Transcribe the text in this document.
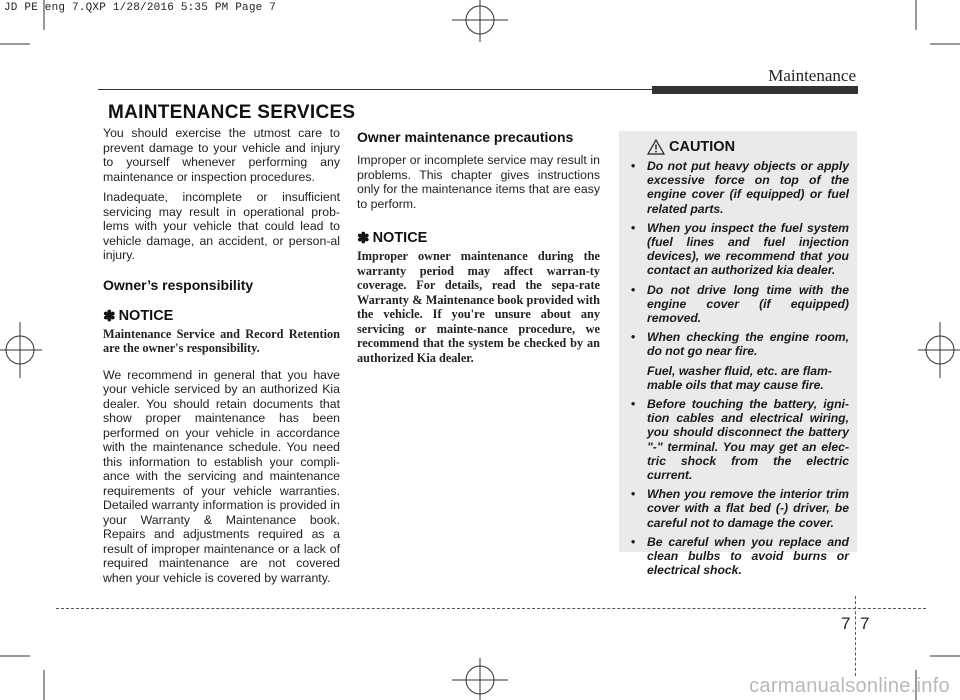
JD PE eng 7.QXP 1/28/2016 5:35 PM Page 7
Maintenance
MAINTENANCE SERVICES

You should exercise the utmost care to prevent damage to your vehicle and injury to yourself whenever performing any maintenance or inspection procedures.

Inadequate, incomplete or insufficient servicing may result in operational prob-lems with your vehicle that could lead to vehicle damage, an accident, or person-al injury.

Owner’s responsibility
✽ NOTICE

Maintenance Service and Record Retention are the owner's responsibility.

We recommend in general that you have your vehicle serviced by an authorized Kia dealer. You should retain documents that show proper maintenance has been performed on your vehicle in accordance with the maintenance schedule. You need this information to establish your compli-ance with the servicing and maintenance requirements of your vehicle warranties. Detailed warranty information is provided in your Warranty & Maintenance book. Repairs and adjustments required as a result of improper maintenance or a lack of required maintenance are not covered when your vehicle is covered by warranty.

Owner maintenance precautions

Improper or incomplete service may result in problems. This chapter gives instructions only for the maintenance items that are easy to perform.

✽ NOTICE

Improper owner maintenance during the warranty period may affect warran-ty coverage. For details, read the sepa-rate Warranty & Maintenance book provided with the vehicle. If you're unsure about any servicing or mainte-nance procedure, we recommend that the system be checked by an authorized Kia dealer.

CAUTION
• Do not put heavy objects or apply excessive force on top of the engine cover (if equipped) or fuel related parts.
• When you inspect the fuel system (fuel lines and fuel injection devices), we recommend that you contact an authorized kia dealer.
• Do not drive long time with the engine cover (if equipped) removed.
• When checking the engine room, do not go near fire.
Fuel, washer fluid, etc. are flam-mable oils that may cause fire.
• Before touching the battery, igni-tion cables and electrical wiring, you should disconnect the battery "-" terminal. You may get an elec-tric shock from the electric current.
• When you remove the interior trim cover with a flat bed (-) driver, be careful not to damage the cover.
• Be careful when you replace and clean bulbs to avoid burns or electrical shock.
7 7
carmanualsonline.info
